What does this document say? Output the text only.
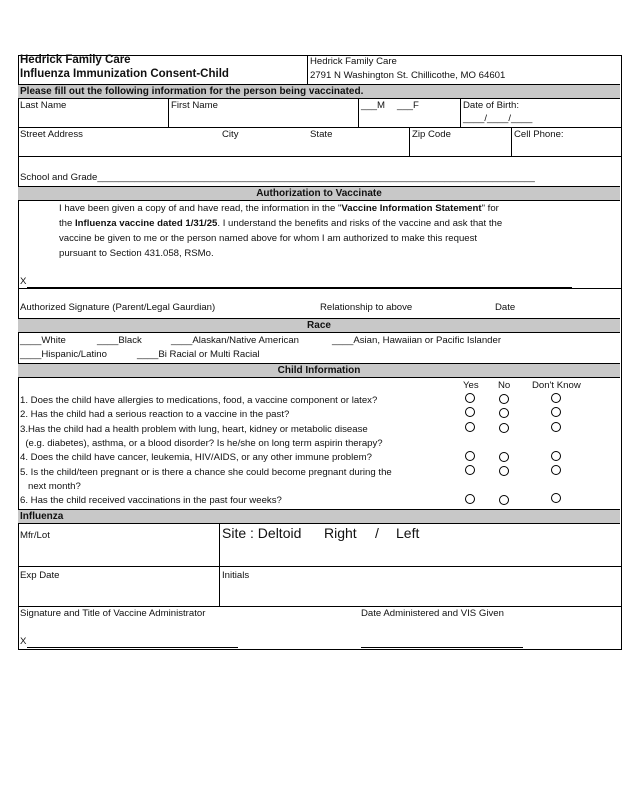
Hedrick Family Care
Influenza Immunization Consent-Child
Hedrick Family Care
2791 N Washington St. Chillicothe, MO 64601
Please fill out the following information for the person being vaccinated.
Last Name	First Name	___M ___F	Date of Birth:
____/____/____
Street Address	City	State	Zip Code	Cell Phone:
School and Grade__________________________________________________________________________________
Authorization to Vaccinate
I have been given a copy of and have read, the information in the "Vaccine Information Statement" for
the Influenza vaccine dated 1/31/25. I understand the benefits and risks of the vaccine and ask that the
vaccine be given to me or the person named above for whom I am authorized to make this request
pursuant to Section 431.058, RSMo.
X
Authorized Signature (Parent/Legal Gaurdian)	Relationship to above	Date
Race
____White	____Black	____Alaskan/Native American	____Asian, Hawaiian or Pacific Islander
____Hispanic/Latino	____Bi Racial or Multi Racial
Child Information
Yes No Don't Know
1. Does the child have allergies to medications, food, a vaccine component or latex?
2. Has the child had a serious reaction to a vaccine in the past?
3.Has the child had a health problem with lung, heart, kidney or metabolic disease
(e.g. diabetes), asthma, or a blood disorder? Is he/she on long term aspirin therapy?
4. Does the child have cancer, leukemia, HIV/AIDS, or any other immune problem?
5. Is the child/teen pregnant or is there a chance she could become pregnant during the
next month?
6. Has the child received vaccinations in the past four weeks?
Influenza
Mfr/Lot	Site : Deltoid Right / Left
Exp Date	Initials
Signature and Title of Vaccine Administrator	Date Administered and VIS Given
X
